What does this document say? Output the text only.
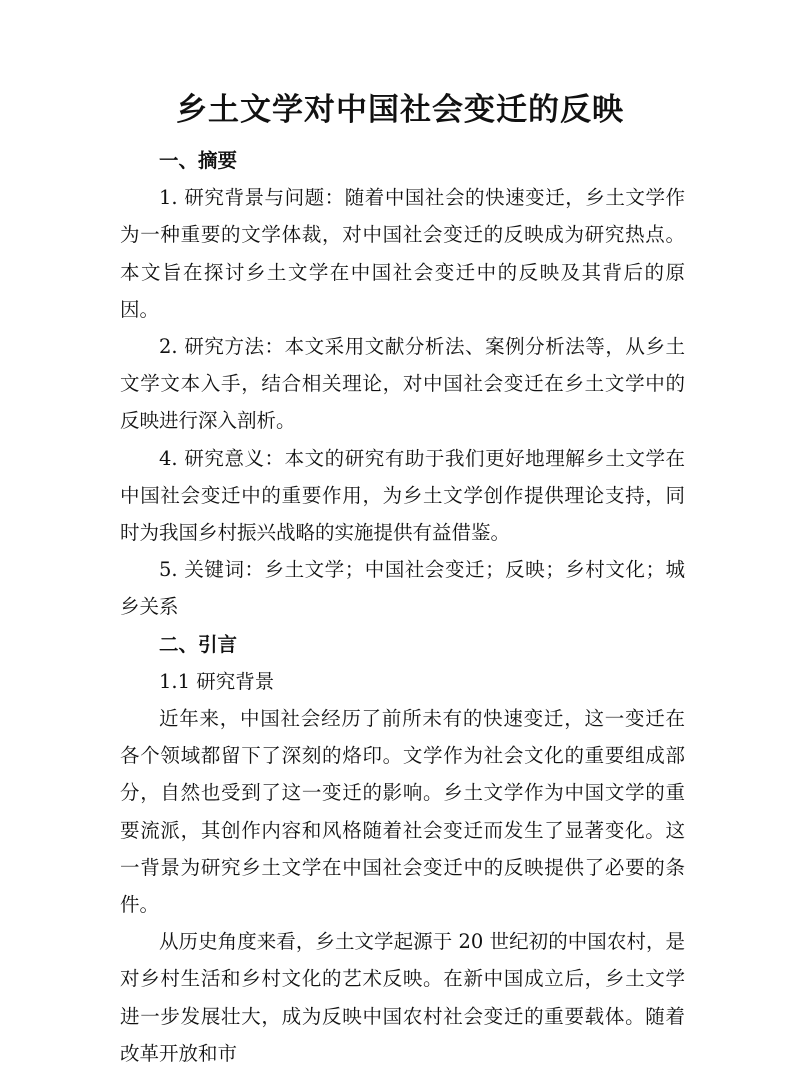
乡土文学对中国社会变迁的反映

一、摘要

1. 研究背景与问题：随着中国社会的快速变迁，乡土文学作为一种重要的文学体裁，对中国社会变迁的反映成为研究热点。本文旨在探讨乡土文学在中国社会变迁中的反映及其背后的原因。

2. 研究方法：本文采用文献分析法、案例分析法等，从乡土文学文本入手，结合相关理论，对中国社会变迁在乡土文学中的反映进行深入剖析。

4. 研究意义：本文的研究有助于我们更好地理解乡土文学在中国社会变迁中的重要作用，为乡土文学创作提供理论支持，同时为我国乡村振兴战略的实施提供有益借鉴。

5. 关键词：乡土文学；中国社会变迁；反映；乡村文化；城乡关系

二、引言

1.1 研究背景

近年来，中国社会经历了前所未有的快速变迁，这一变迁在各个领域都留下了深刻的烙印。文学作为社会文化的重要组成部分，自然也受到了这一变迁的影响。乡土文学作为中国文学的重要流派，其创作内容和风格随着社会变迁而发生了显著变化。这一背景为研究乡土文学在中国社会变迁中的反映提供了必要的条件。

从历史角度来看，乡土文学起源于 20 世纪初的中国农村，是对乡村生活和乡村文化的艺术反映。在新中国成立后，乡土文学进一步发展壮大，成为反映中国农村社会变迁的重要载体。随着改革开放和市
